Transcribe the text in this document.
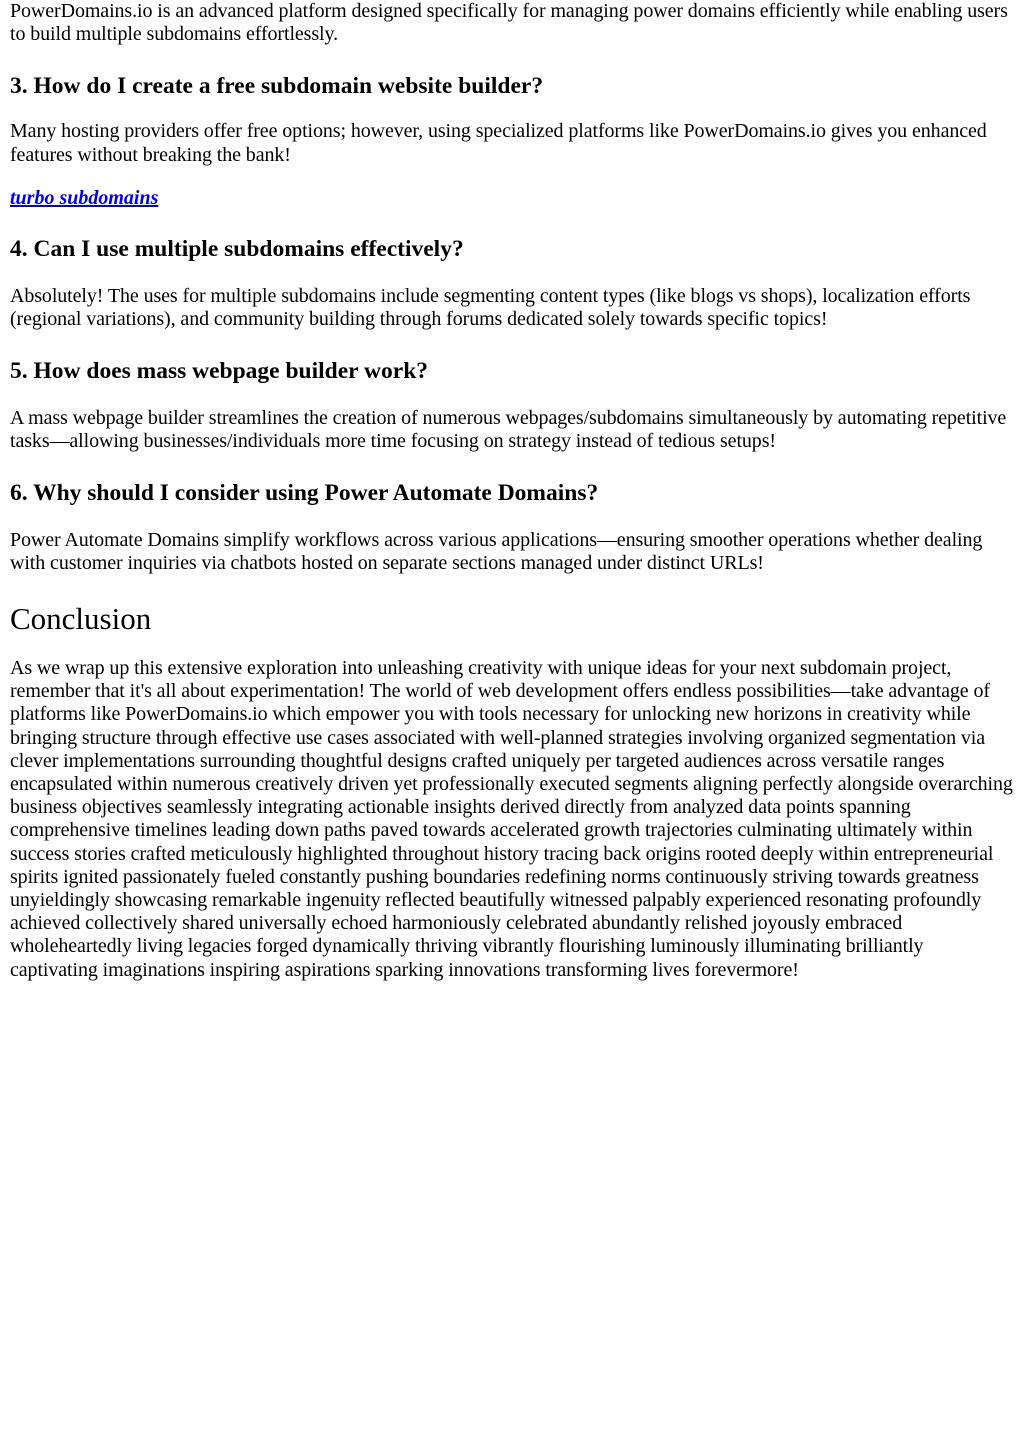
PowerDomains.io is an advanced platform designed specifically for managing power domains efficiently while enabling users to build multiple subdomains effortlessly.

3. How do I create a free subdomain website builder?

Many hosting providers offer free options; however, using specialized platforms like PowerDomains.io gives you enhanced features without breaking the bank!

turbo subdomains
4. Can I use multiple subdomains effectively?

Absolutely! The uses for multiple subdomains include segmenting content types (like blogs vs shops), localization efforts (regional variations), and community building through forums dedicated solely towards specific topics!

5. How does mass webpage builder work?

A mass webpage builder streamlines the creation of numerous webpages/subdomains simultaneously by automating repetitive tasks—allowing businesses/individuals more time focusing on strategy instead of tedious setups!

6. Why should I consider using Power Automate Domains?

Power Automate Domains simplify workflows across various applications—ensuring smoother operations whether dealing with customer inquiries via chatbots hosted on separate sections managed under distinct URLs!

Conclusion

As we wrap up this extensive exploration into unleashing creativity with unique ideas for your next subdomain project, remember that it's all about experimentation! The world of web development offers endless possibilities—take advantage of platforms like PowerDomains.io which empower you with tools necessary for unlocking new horizons in creativity while bringing structure through effective use cases associated with well-planned strategies involving organized segmentation via clever implementations surrounding thoughtful designs crafted uniquely per targeted audiences across versatile ranges encapsulated within numerous creatively driven yet professionally executed segments aligning perfectly alongside overarching business objectives seamlessly integrating actionable insights derived directly from analyzed data points spanning comprehensive timelines leading down paths paved towards accelerated growth trajectories culminating ultimately within success stories crafted meticulously highlighted throughout history tracing back origins rooted deeply within entrepreneurial spirits ignited passionately fueled constantly pushing boundaries redefining norms continuously striving towards greatness unyieldingly showcasing remarkable ingenuity reflected beautifully witnessed palpably experienced resonating profoundly achieved collectively shared universally echoed harmoniously celebrated abundantly relished joyously embraced wholeheartedly living legacies forged dynamically thriving vibrantly flourishing luminously illuminating brilliantly captivating imaginations inspiring aspirations sparking innovations transforming lives forevermore!
